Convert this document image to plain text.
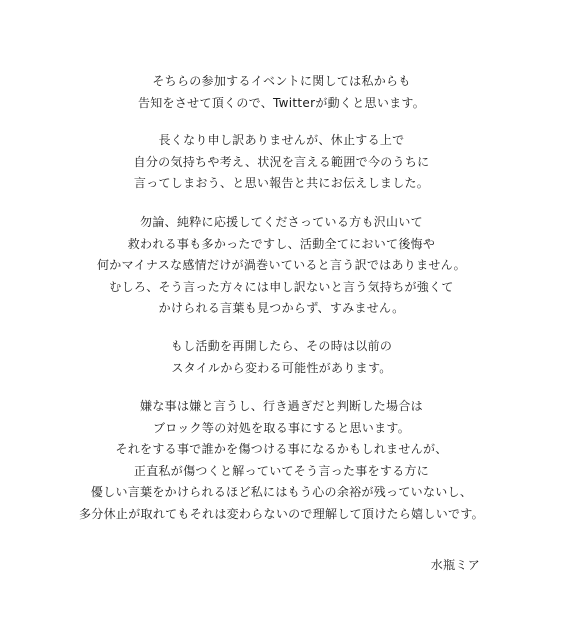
そちらの参加するイベントに関しては私からも
告知をさせて頂くので、Twitterが動くと思います。
長くなり申し訳ありませんが、休止する上で
自分の気持ちや考え、状況を言える範囲で今のうちに
言ってしまおう、と思い報告と共にお伝えしました。
勿論、純粋に応援してくださっている方も沢山いて
救われる事も多かったですし、活動全てにおいて後悔や
何かマイナスな感情だけが渦巻いていると言う訳ではありません。
むしろ、そう言った方々には申し訳ないと言う気持ちが強くて
かけられる言葉も見つからず、すみません。
もし活動を再開したら、その時は以前の
スタイルから変わる可能性があります。
嫌な事は嫌と言うし、行き過ぎだと判断した場合は
ブロック等の対処を取る事にすると思います。
それをする事で誰かを傷つける事になるかもしれませんが、
正直私が傷つくと解っていてそう言った事をする方に
優しい言葉をかけられるほど私にはもう心の余裕が残っていないし、
多分休止が取れてもそれは変わらないので理解して頂けたら嬉しいです。
水瓶ミア
